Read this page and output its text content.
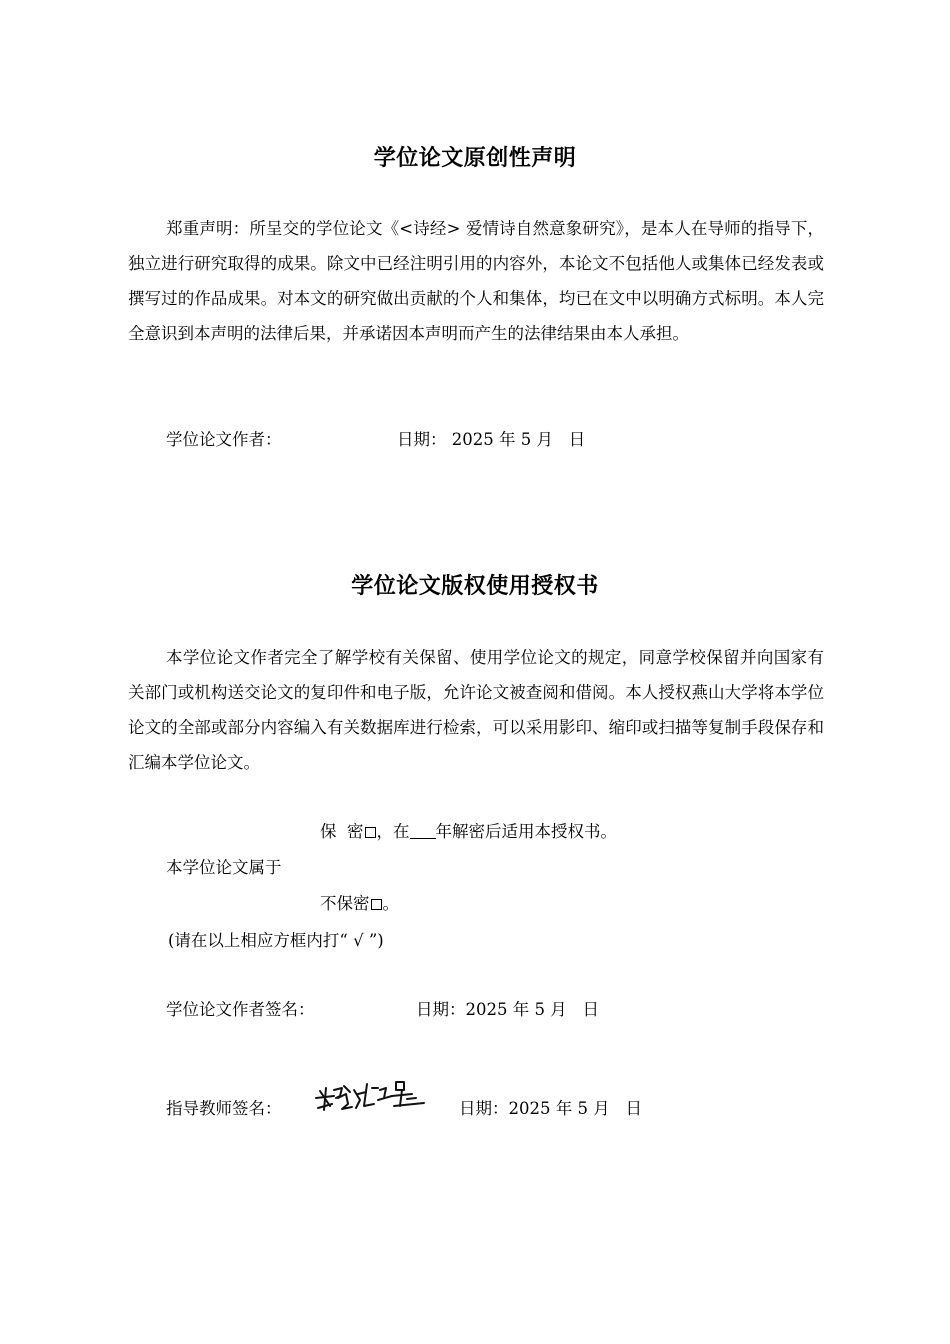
学位论文原创性声明

郑重声明：所呈交的学位论文《<诗经> 爱情诗自然意象研究》，是本人在导师的指导下，独立进行研究取得的成果。除文中已经注明引用的内容外，本论文不包括他人或集体已经发表或撰写过的作品成果。对本文的研究做出贡献的个人和集体，均已在文中以明确方式标明。本人完全意识到本声明的法律后果，并承诺因本声明而产生的法律结果由本人承担。

学位论文作者：	日期： 2025 年 5 月   日
学位论文版权使用授权书

本学位论文作者完全了解学校有关保留、使用学位论文的规定，同意学校保留并向国家有关部门或机构送交论文的复印件和电子版，允许论文被查阅和借阅。本人授权燕山大学将本学位论文的全部或部分内容编入有关数据库进行检索，可以采用影印、缩印或扫描等复制手段保存和汇编本学位论文。

保  密 ，在 年解密后适用本授权书。
本学位论文属于
不保密 。
(请在以上相应方框内打“ √ ”)
学位论文作者签名：	日期：2025 年 5 月   日
指导教师签名：	日期：2025 年 5 月   日
